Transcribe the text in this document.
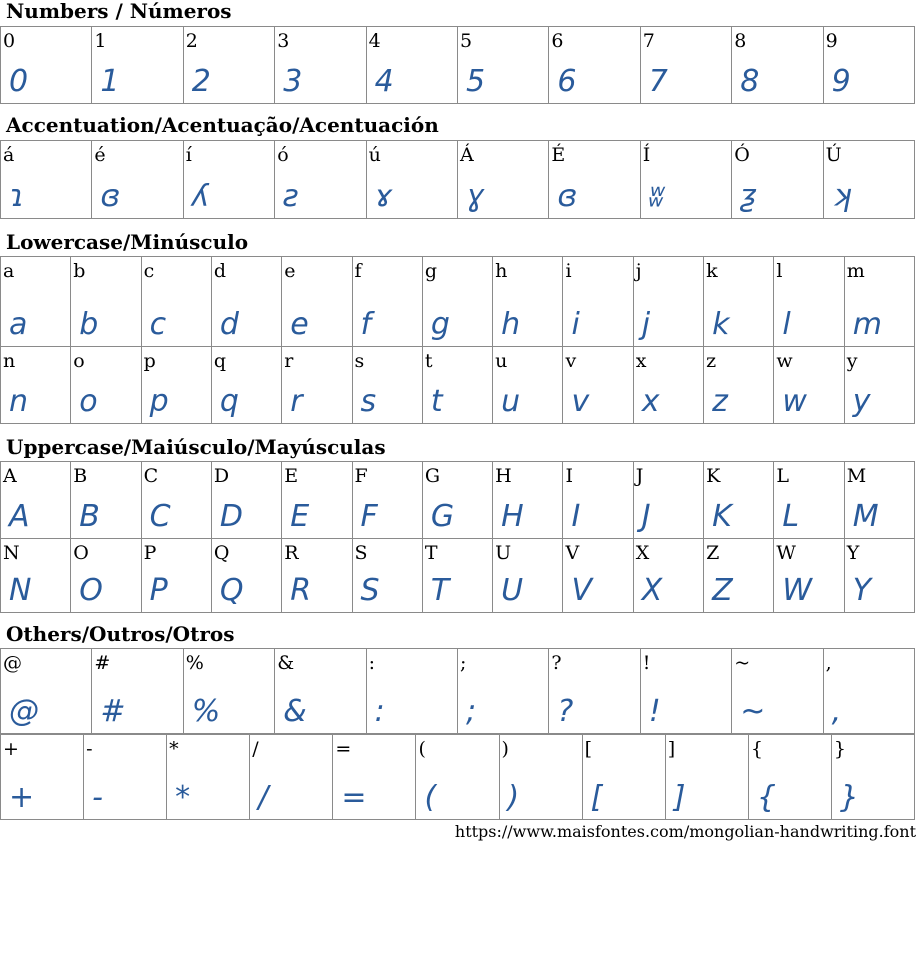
Numbers / Números
0
0
1
1
2
2
3
3
4
4
5
5
6
6
7
7
8
8
9
9
Accentuation/Acentuação/Acentuación
á
ɿ
é
ɞ
í
ʎ
ó
ƨ
ú
ɤ
Á
ɣ
É
ɞ
Í
ʬ
Ó
ƺ
Ú
ʞ
Lowercase/Minúsculo
a
a
b
b
c
c
d
d
e
e
f
f
g
g
h
h
i
i
j
j
k
k
l
l
m
m
n
n
o
o
p
p
q
q
r
r
s
s
t
t
u
u
v
v
x
x
z
z
w
w
y
y
Uppercase/Maiúsculo/Mayúsculas
A
A
B
B
C
C
D
D
E
E
F
F
G
G
H
H
I
I
J
J
K
K
L
L
M
M
N
N
O
O
P
P
Q
Q
R
R
S
S
T
T
U
U
V
V
X
X
Z
Z
W
W
Y
Y
Others/Outros/Otros
@
@
#
#
%
%
&
&
:
:
;
;
?
?
!
!
~
~
,
,
+
+
-
-
*
*
/
/
=
=
(
(
)
)
[
[
]
]
{
{
}
}
https://www.maisfontes.com/mongolian-handwriting.font
